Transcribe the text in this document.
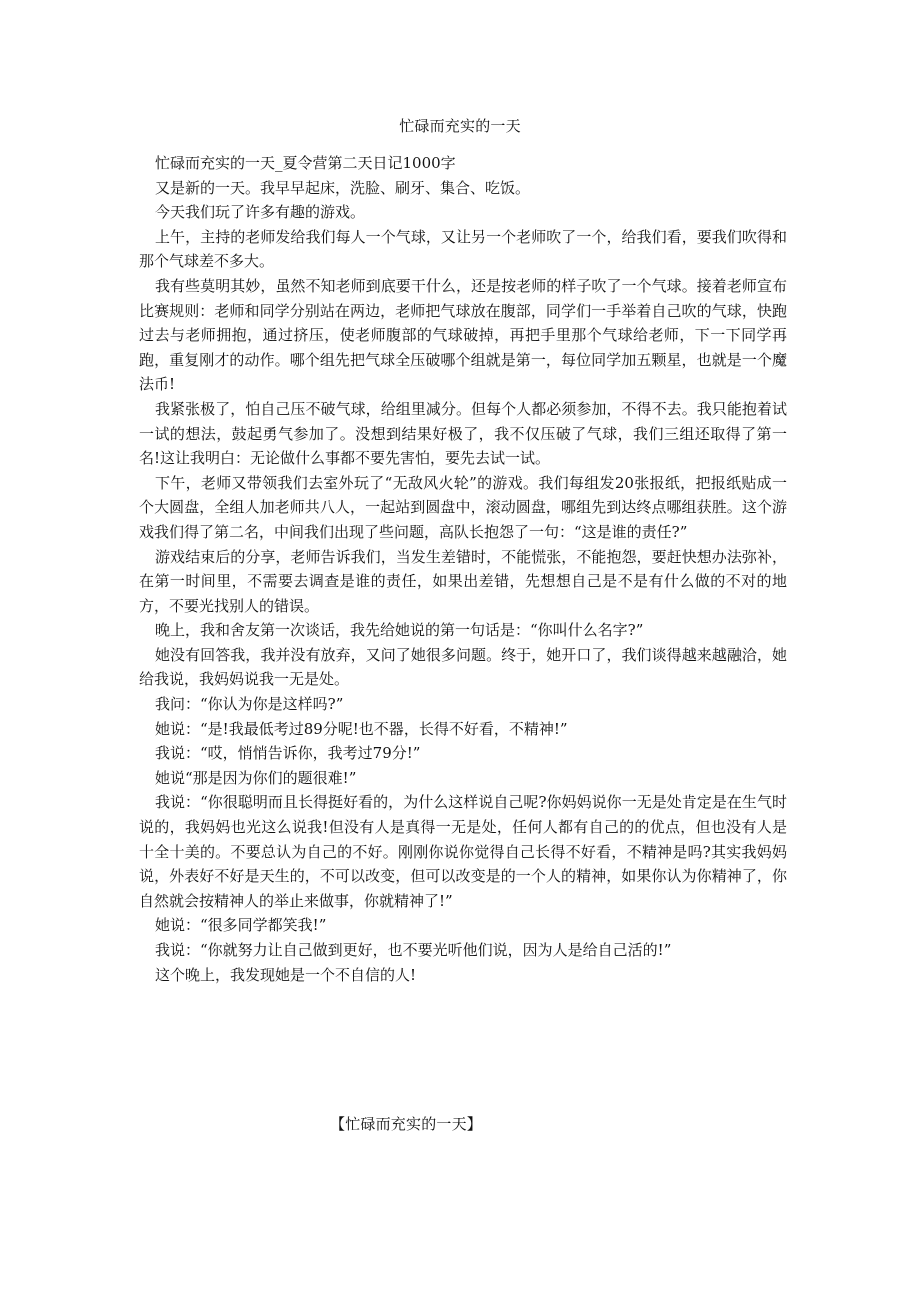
忙碌而充实的一天

忙碌而充实的一天_夏令营第二天日记1000字

又是新的一天。我早早起床，洗脸、刷牙、集合、吃饭。

今天我们玩了许多有趣的游戏。

上午，主持的老师发给我们每人一个气球，又让另一个老师吹了一个，给我们看，要我们吹得和那个气球差不多大。

我有些莫明其妙，虽然不知老师到底要干什么，还是按老师的样子吹了一个气球。接着老师宣布比赛规则：老师和同学分别站在两边，老师把气球放在腹部，同学们一手举着自己吹的气球，快跑过去与老师拥抱，通过挤压，使老师腹部的气球破掉，再把手里那个气球给老师，下一下同学再跑，重复刚才的动作。哪个组先把气球全压破哪个组就是第一，每位同学加五颗星，也就是一个魔法币!

我紧张极了，怕自己压不破气球，给组里减分。但每个人都必须参加，不得不去。我只能抱着试一试的想法，鼓起勇气参加了。没想到结果好极了，我不仅压破了气球，我们三组还取得了第一名!这让我明白：无论做什么事都不要先害怕，要先去试一试。

下午，老师又带领我们去室外玩了“无敌风火轮”的游戏。我们每组发20张报纸，把报纸贴成一个大圆盘，全组人加老师共八人，一起站到圆盘中，滚动圆盘，哪组先到达终点哪组获胜。这个游戏我们得了第二名，中间我们出现了些问题，高队长抱怨了一句：“这是谁的责任?”

游戏结束后的分享，老师告诉我们，当发生差错时，不能慌张，不能抱怨，要赶快想办法弥补，在第一时间里，不需要去调查是谁的责任，如果出差错，先想想自己是不是有什么做的不对的地方，不要光找别人的错误。

晚上，我和舍友第一次谈话，我先给她说的第一句话是：“你叫什么名字?”

她没有回答我，我并没有放弃，又问了她很多问题。终于，她开口了，我们谈得越来越融洽，她给我说，我妈妈说我一无是处。

我问：“你认为你是这样吗?”

她说：“是!我最低考过89分呢!也不器，长得不好看，不精神!”

我说：“哎，悄悄告诉你，我考过79分!”

她说“那是因为你们的题很难!”

我说：“你很聪明而且长得挺好看的，为什么这样说自己呢?你妈妈说你一无是处肯定是在生气时说的，我妈妈也光这么说我!但没有人是真得一无是处，任何人都有自己的的优点，但也没有人是十全十美的。不要总认为自己的不好。刚刚你说你觉得自己长得不好看，不精神是吗?其实我妈妈说，外表好不好是天生的，不可以改变，但可以改变是的一个人的精神，如果你认为你精神了，你自然就会按精神人的举止来做事，你就精神了!”

她说：“很多同学都笑我!”

我说：“你就努力让自己做到更好，也不要光听他们说，因为人是给自己活的!”

这个晚上，我发现她是一个不自信的人!

【忙碌而充实的一天】
